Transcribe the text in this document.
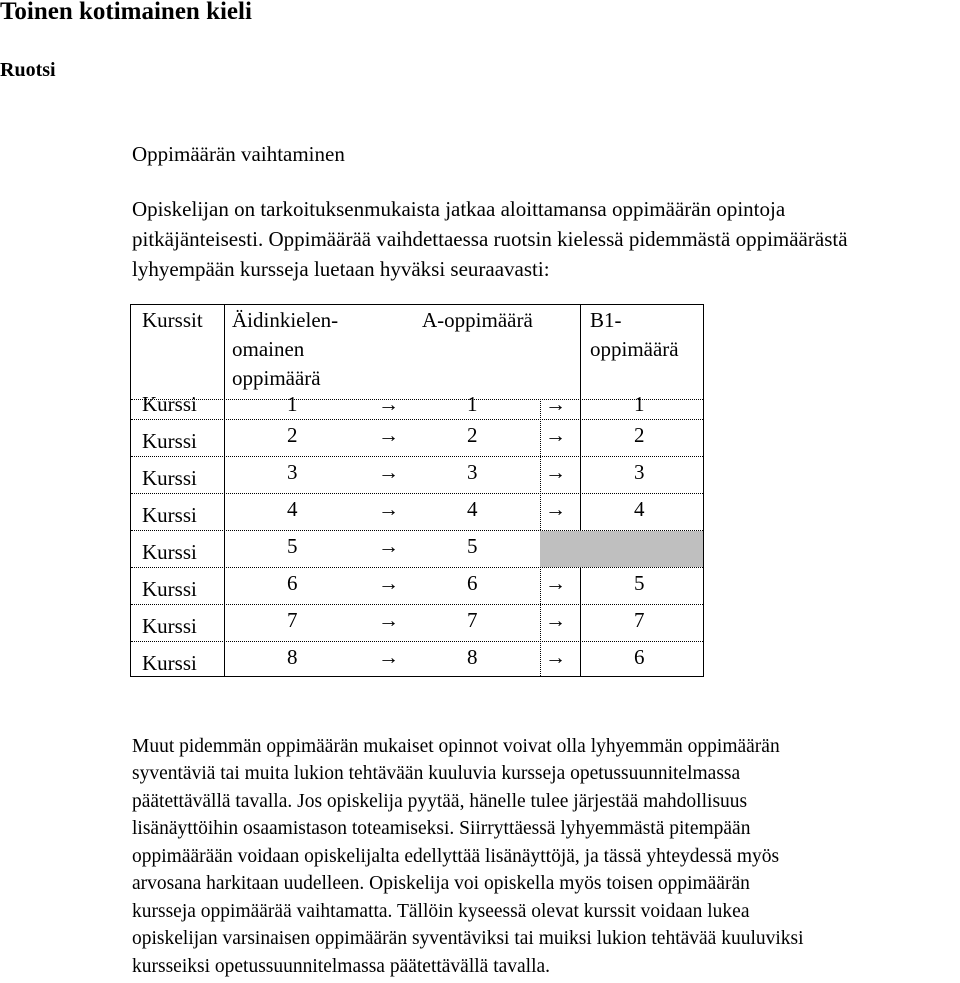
Toinen kotimainen kieli
Ruotsi
Oppimäärän vaihtaminen
Opiskelijan on tarkoituksenmukaista jatkaa aloittamansa oppimäärän opintoja
pitkäjänteisesti. Oppimäärää vaihdettaessa ruotsin kielessä pidemmästä oppimäärästä
lyhyempään kursseja luetaan hyväksi seuraavasti:
Kurssit Äidinkielen-
omainen
oppimäärä
A-oppimäärä	B1-
oppimäärä
Kurssi
Kurssi
Kurssi
Kurssi
Kurssi
Kurssi
Kurssi
Kurssi
1
2
3
4
5
6
7
8
→
→
→
→
→
→
→
→
1
2
3
4
5
6
7
8
→
→
→
→
→
→
→
1
2
3
4
5
7
6
Muut pidemmän oppimäärän mukaiset opinnot voivat olla lyhyemmän oppimäärän
syventäviä tai muita lukion tehtävään kuuluvia kursseja opetussuunnitelmassa
päätettävällä tavalla. Jos opiskelija pyytää, hänelle tulee järjestää mahdollisuus
lisänäyttöihin osaamistason toteamiseksi. Siirryttäessä lyhyemmästä pitempään
oppimäärään voidaan opiskelijalta edellyttää lisänäyttöjä, ja tässä yhteydessä myös
arvosana harkitaan uudelleen. Opiskelija voi opiskella myös toisen oppimäärän
kursseja oppimäärää vaihtamatta. Tällöin kyseessä olevat kurssit voidaan lukea
opiskelijan varsinaisen oppimäärän syventäviksi tai muiksi lukion tehtävää kuuluviksi
kursseiksi opetussuunnitelmassa päätettävällä tavalla.
